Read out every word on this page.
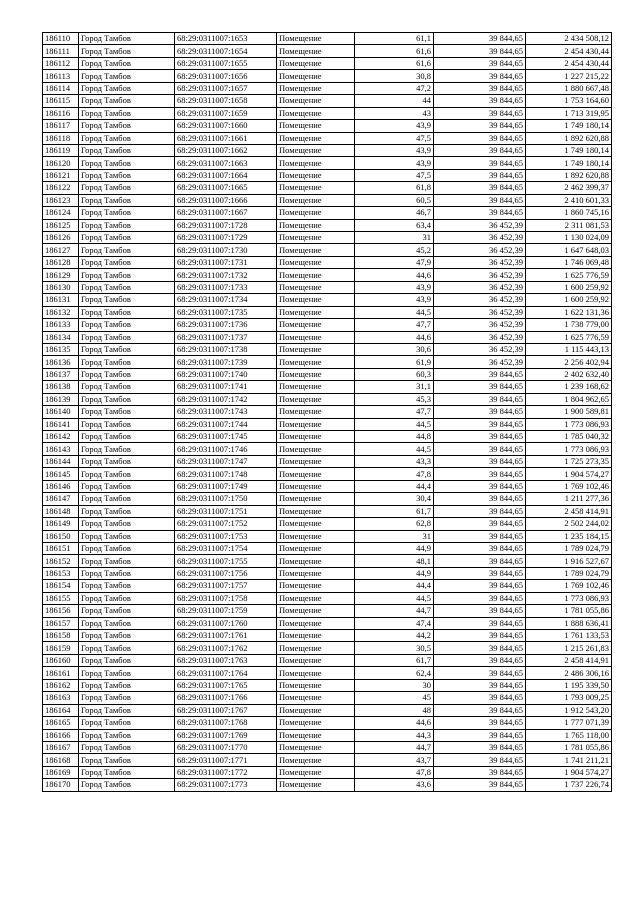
186110	Город Тамбов	68:29:0311007:1653	Помещение	61,1	39 844,65	2 434 508,12
186111	Город Тамбов	68:29:0311007:1654	Помещение	61,6	39 844,65	2 454 430,44
186112	Город Тамбов	68:29:0311007:1655	Помещение	61,6	39 844,65	2 454 430,44
186113	Город Тамбов	68:29:0311007:1656	Помещение	30,8	39 844,65	1 227 215,22
186114	Город Тамбов	68:29:0311007:1657	Помещение	47,2	39 844,65	1 880 667,48
186115	Город Тамбов	68:29:0311007:1658	Помещение	44	39 844,65	1 753 164,60
186116	Город Тамбов	68:29:0311007:1659	Помещение	43	39 844,65	1 713 319,95
186117	Город Тамбов	68:29:0311007:1660	Помещение	43,9	39 844,65	1 749 180,14
186118	Город Тамбов	68:29:0311007:1661	Помещение	47,5	39 844,65	1 892 620,88
186119	Город Тамбов	68:29:0311007:1662	Помещение	43,9	39 844,65	1 749 180,14
186120	Город Тамбов	68:29:0311007:1663	Помещение	43,9	39 844,65	1 749 180,14
186121	Город Тамбов	68:29:0311007:1664	Помещение	47,5	39 844,65	1 892 620,88
186122	Город Тамбов	68:29:0311007:1665	Помещение	61,8	39 844,65	2 462 399,37
186123	Город Тамбов	68:29:0311007:1666	Помещение	60,5	39 844,65	2 410 601,33
186124	Город Тамбов	68:29:0311007:1667	Помещение	46,7	39 844,65	1 860 745,16
186125	Город Тамбов	68:29:0311007:1728	Помещение	63,4	36 452,39	2 311 081,53
186126	Город Тамбов	68:29:0311007:1729	Помещение	31	36 452,39	1 130 024,09
186127	Город Тамбов	68:29:0311007:1730	Помещение	45,2	36 452,39	1 647 648,03
186128	Город Тамбов	68:29:0311007:1731	Помещение	47,9	36 452,39	1 746 069,48
186129	Город Тамбов	68:29:0311007:1732	Помещение	44,6	36 452,39	1 625 776,59
186130	Город Тамбов	68:29:0311007:1733	Помещение	43,9	36 452,39	1 600 259,92
186131	Город Тамбов	68:29:0311007:1734	Помещение	43,9	36 452,39	1 600 259,92
186132	Город Тамбов	68:29:0311007:1735	Помещение	44,5	36 452,39	1 622 131,36
186133	Город Тамбов	68:29:0311007:1736	Помещение	47,7	36 452,39	1 738 779,00
186134	Город Тамбов	68:29:0311007:1737	Помещение	44,6	36 452,39	1 625 776,59
186135	Город Тамбов	68:29:0311007:1738	Помещение	30,6	36 452,39	1 115 443,13
186136	Город Тамбов	68:29:0311007:1739	Помещение	61,9	36 452,39	2 256 402,94
186137	Город Тамбов	68:29:0311007:1740	Помещение	60,3	39 844,65	2 402 632,40
186138	Город Тамбов	68:29:0311007:1741	Помещение	31,1	39 844,65	1 239 168,62
186139	Город Тамбов	68:29:0311007:1742	Помещение	45,3	39 844,65	1 804 962,65
186140	Город Тамбов	68:29:0311007:1743	Помещение	47,7	39 844,65	1 900 589,81
186141	Город Тамбов	68:29:0311007:1744	Помещение	44,5	39 844,65	1 773 086,93
186142	Город Тамбов	68:29:0311007:1745	Помещение	44,8	39 844,65	1 785 040,32
186143	Город Тамбов	68:29:0311007:1746	Помещение	44,5	39 844,65	1 773 086,93
186144	Город Тамбов	68:29:0311007:1747	Помещение	43,3	39 844,65	1 725 273,35
186145	Город Тамбов	68:29:0311007:1748	Помещение	47,8	39 844,65	1 904 574,27
186146	Город Тамбов	68:29:0311007:1749	Помещение	44,4	39 844,65	1 769 102,46
186147	Город Тамбов	68:29:0311007:1750	Помещение	30,4	39 844,65	1 211 277,36
186148	Город Тамбов	68:29:0311007:1751	Помещение	61,7	39 844,65	2 458 414,91
186149	Город Тамбов	68:29:0311007:1752	Помещение	62,8	39 844,65	2 502 244,02
186150	Город Тамбов	68:29:0311007:1753	Помещение	31	39 844,65	1 235 184,15
186151	Город Тамбов	68:29:0311007:1754	Помещение	44,9	39 844,65	1 789 024,79
186152	Город Тамбов	68:29:0311007:1755	Помещение	48,1	39 844,65	1 916 527,67
186153	Город Тамбов	68:29:0311007:1756	Помещение	44,9	39 844,65	1 789 024,79
186154	Город Тамбов	68:29:0311007:1757	Помещение	44,4	39 844,65	1 769 102,46
186155	Город Тамбов	68:29:0311007:1758	Помещение	44,5	39 844,65	1 773 086,93
186156	Город Тамбов	68:29:0311007:1759	Помещение	44,7	39 844,65	1 781 055,86
186157	Город Тамбов	68:29:0311007:1760	Помещение	47,4	39 844,65	1 888 636,41
186158	Город Тамбов	68:29:0311007:1761	Помещение	44,2	39 844,65	1 761 133,53
186159	Город Тамбов	68:29:0311007:1762	Помещение	30,5	39 844,65	1 215 261,83
186160	Город Тамбов	68:29:0311007:1763	Помещение	61,7	39 844,65	2 458 414,91
186161	Город Тамбов	68:29:0311007:1764	Помещение	62,4	39 844,65	2 486 306,16
186162	Город Тамбов	68:29:0311007:1765	Помещение	30	39 844,65	1 195 339,50
186163	Город Тамбов	68:29:0311007:1766	Помещение	45	39 844,65	1 793 009,25
186164	Город Тамбов	68:29:0311007:1767	Помещение	48	39 844,65	1 912 543,20
186165	Город Тамбов	68:29:0311007:1768	Помещение	44,6	39 844,65	1 777 071,39
186166	Город Тамбов	68:29:0311007:1769	Помещение	44,3	39 844,65	1 765 118,00
186167	Город Тамбов	68:29:0311007:1770	Помещение	44,7	39 844,65	1 781 055,86
186168	Город Тамбов	68:29:0311007:1771	Помещение	43,7	39 844,65	1 741 211,21
186169	Город Тамбов	68:29:0311007:1772	Помещение	47,8	39 844,65	1 904 574,27
186170	Город Тамбов	68:29:0311007:1773	Помещение	43,6	39 844,65	1 737 226,74
